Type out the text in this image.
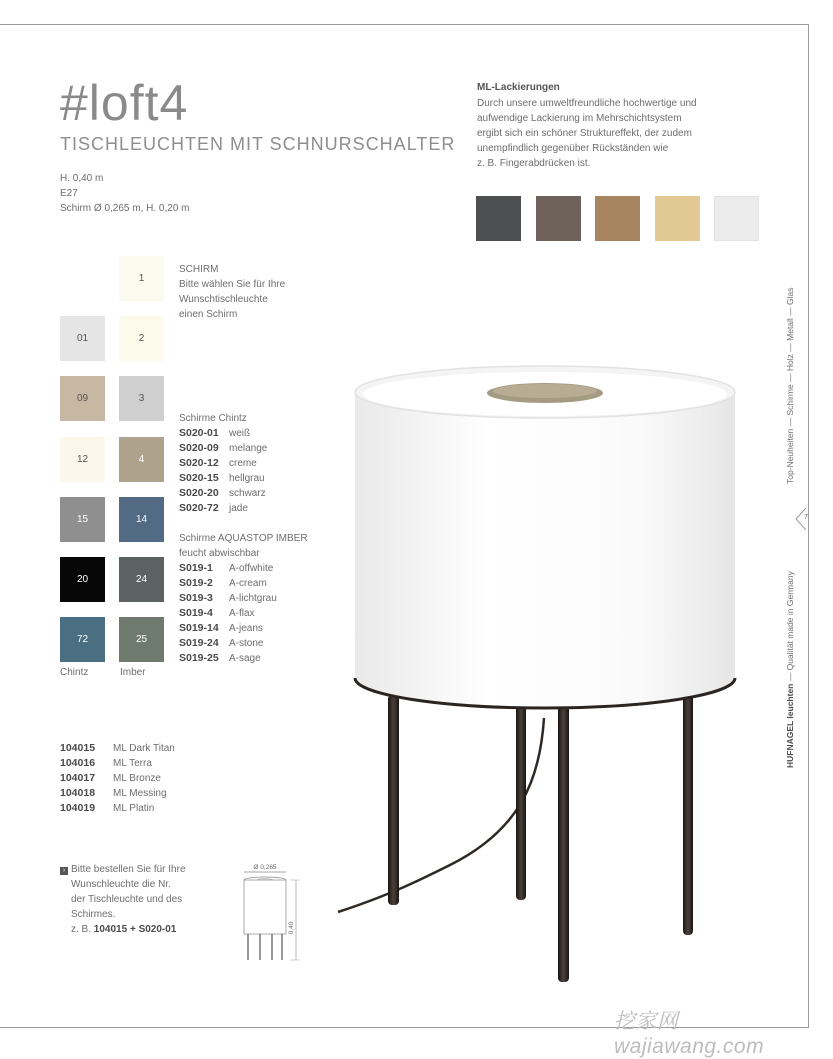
#loft4
TISCHLEUCHTEN MIT SCHNURSCHALTER
H. 0,40 m
E27
Schirm Ø 0,265 m, H. 0,20 m
ML-Lackierungen
Durch unsere umweltfreundliche hochwertige und
aufwendige Lackierung im Mehrschichtsystem
ergibt sich ein schöner Struktureffekt, der zudem
unempfindlich gegenüber Rückständen wie
z. B. Fingerabdrücken ist.
01
09
12
15
20
72
1
2
3
4
14
24
25
Chintz	Imber
SCHIRM
Bitte wählen Sie für Ihre
Wunschtischleuchte
einen Schirm
Schirme Chintz
S020-01 weiß
S020-09 melange
S020-12 creme
S020-15 hellgrau
S020-20 schwarz
S020-72 jade
Schirme AQUASTOP IMBER
feucht abwischbar
S019-1 A-offwhite
S019-2 A-cream
S019-3 A-lichtgrau
S019-4 A-flax
S019-14 A-jeans
S019-24 A-stone
S019-25 A-sage
104015 ML Dark Titan
104016 ML Terra
104017 ML Bronze
104018 ML Messing
104019 ML Platin
› Bitte bestellen Sie für Ihre
Wunschleuchte die Nr.
der Tischleuchte und des
Schirmes.
z. B. 104015 + S020-01
Ø 0,265
0,40
Top-Neuheiten — Schirme — Holz — Metall — Glas
7
HUFNAGEL leuchten — Qualität made in Germany
挖家网 wajiawang.com
